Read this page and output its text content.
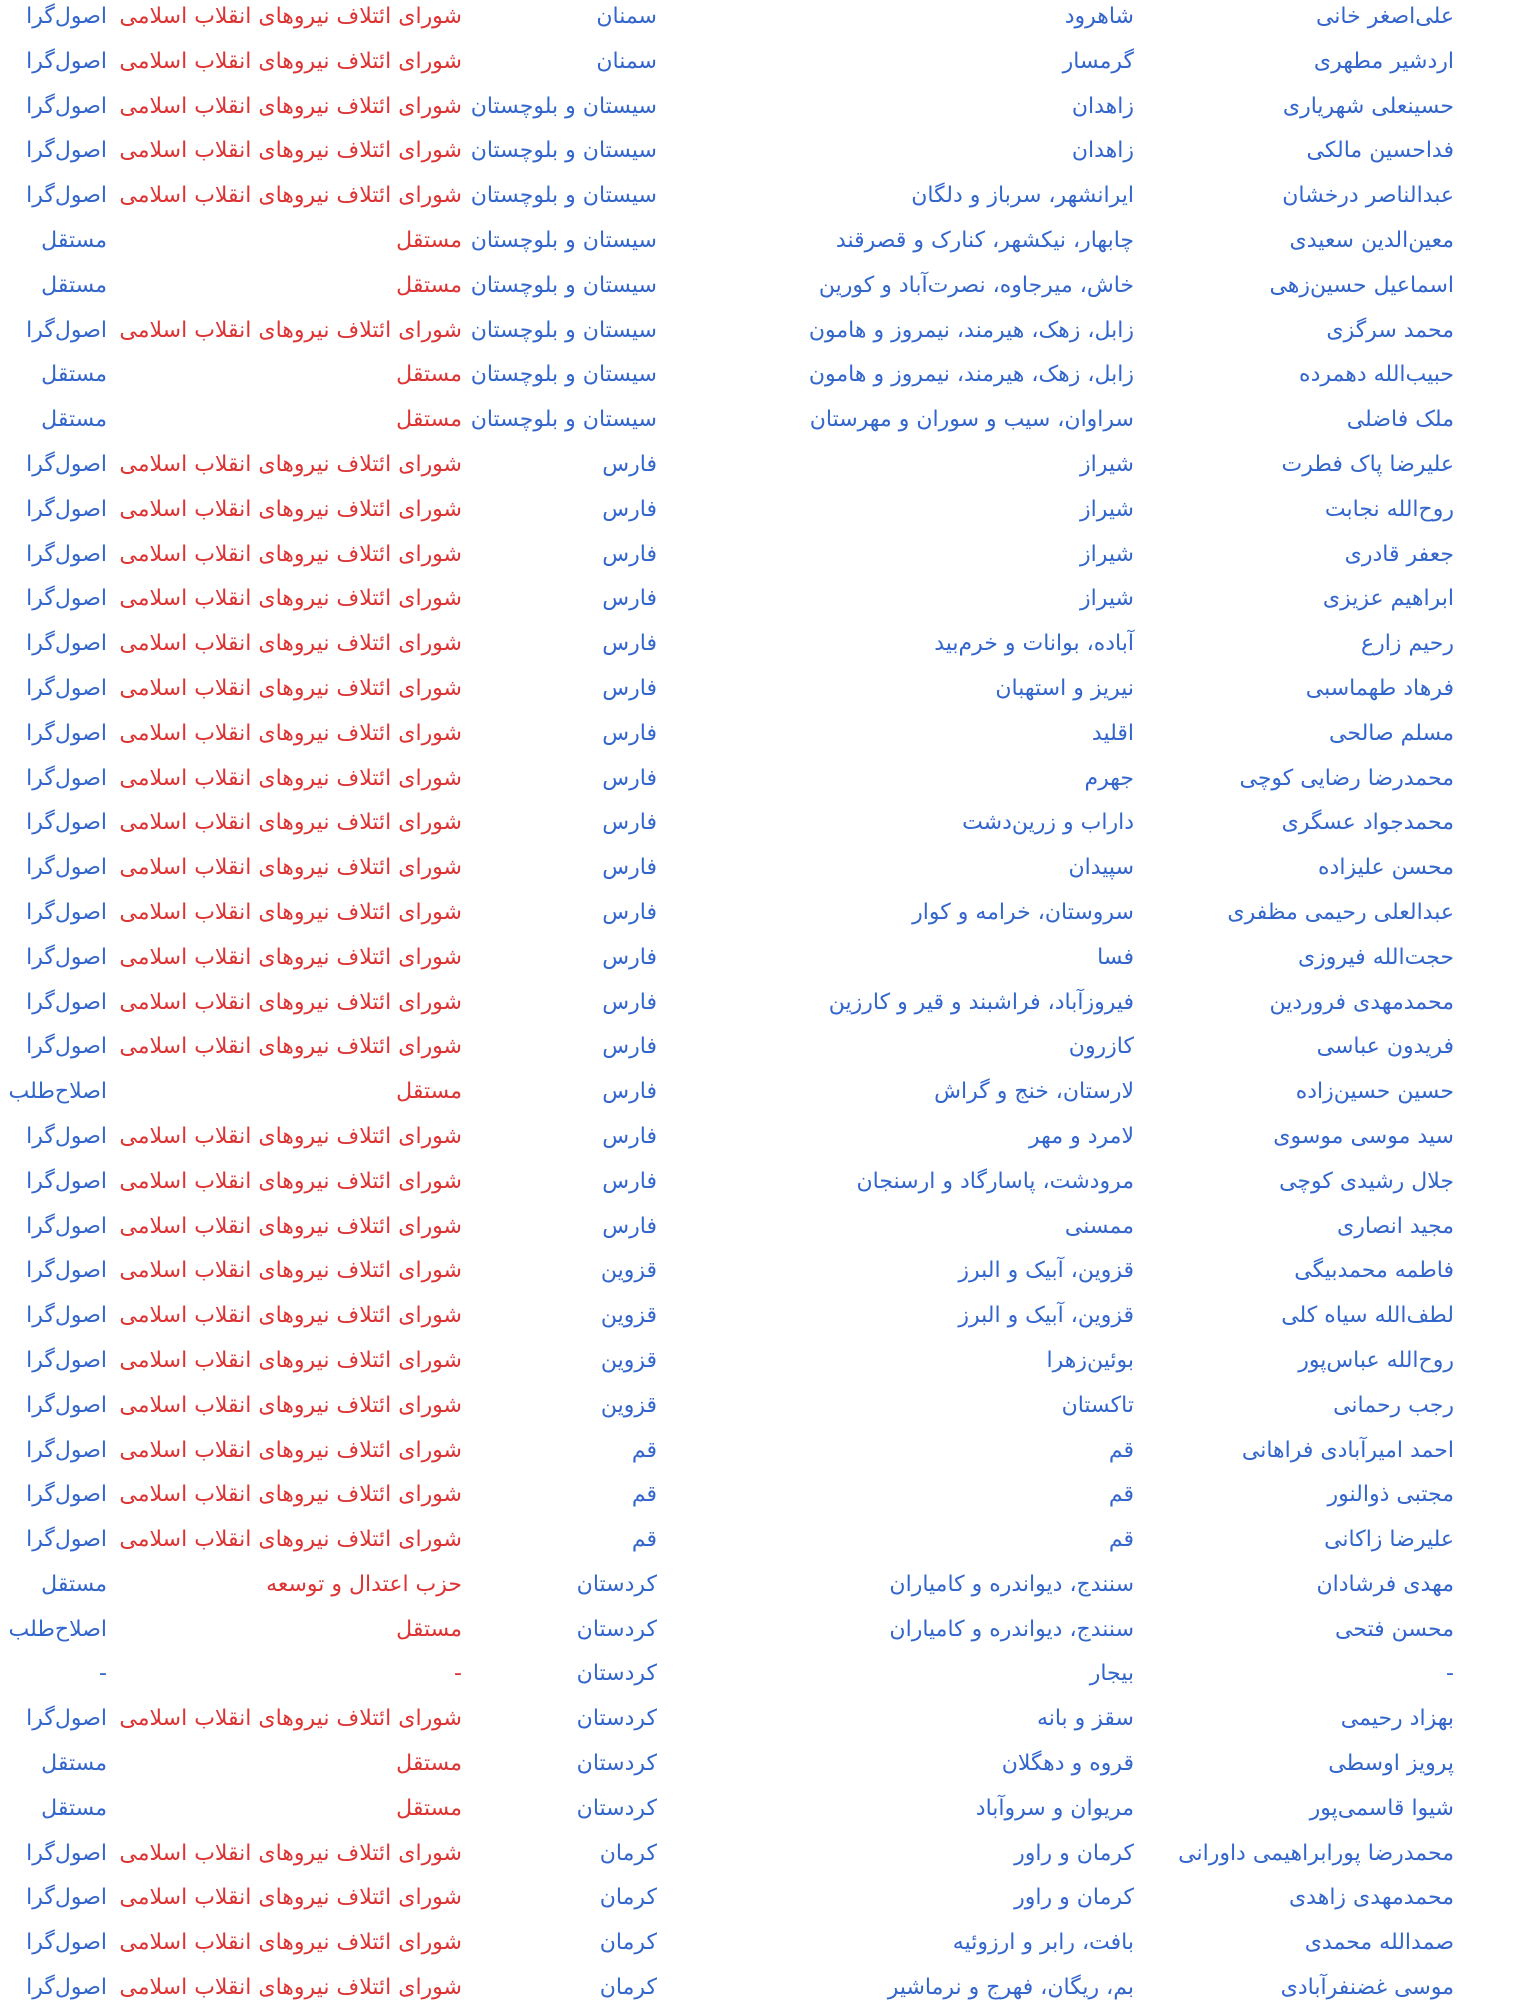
علی‌اصغر خانی
شاهرود
سمنان
شورای ائتلاف نیروهای انقلاب اسلامی
اصول‌گرا
اردشیر مطهری
گرمسار
سمنان
شورای ائتلاف نیروهای انقلاب اسلامی
اصول‌گرا
حسینعلی شهریاری
زاهدان
سیستان و بلوچستان
شورای ائتلاف نیروهای انقلاب اسلامی
اصول‌گرا
فداحسین مالکی
زاهدان
سیستان و بلوچستان
شورای ائتلاف نیروهای انقلاب اسلامی
اصول‌گرا
عبدالناصر درخشان
ایرانشهر، سرباز و دلگان
سیستان و بلوچستان
شورای ائتلاف نیروهای انقلاب اسلامی
اصول‌گرا
معین‌الدین سعیدی
چابهار، نیکشهر، کنارک و قصرقند
سیستان و بلوچستان
مستقل
مستقل
اسماعیل حسین‌زهی
خاش، میرجاوه، نصرت‌آباد و کورین
سیستان و بلوچستان
مستقل
مستقل
محمد سرگزی
زابل، زهک، هیرمند، نیمروز و هامون
سیستان و بلوچستان
شورای ائتلاف نیروهای انقلاب اسلامی
اصول‌گرا
حبیب‌الله دهمرده
زابل، زهک، هیرمند، نیمروز و هامون
سیستان و بلوچستان
مستقل
مستقل
ملک فاضلی
سراوان، سیب و سوران و مهرستان
سیستان و بلوچستان
مستقل
مستقل
علیرضا پاک فطرت
شیراز
فارس
شورای ائتلاف نیروهای انقلاب اسلامی
اصول‌گرا
روح‌الله نجابت
شیراز
فارس
شورای ائتلاف نیروهای انقلاب اسلامی
اصول‌گرا
جعفر قادری
شیراز
فارس
شورای ائتلاف نیروهای انقلاب اسلامی
اصول‌گرا
ابراهیم عزیزی
شیراز
فارس
شورای ائتلاف نیروهای انقلاب اسلامی
اصول‌گرا
رحیم زارع
آباده، بوانات و خرم‌بید
فارس
شورای ائتلاف نیروهای انقلاب اسلامی
اصول‌گرا
فرهاد طهماسبی
نیریز و استهبان
فارس
شورای ائتلاف نیروهای انقلاب اسلامی
اصول‌گرا
مسلم صالحی
اقلید
فارس
شورای ائتلاف نیروهای انقلاب اسلامی
اصول‌گرا
محمدرضا رضایی کوچی
جهرم
فارس
شورای ائتلاف نیروهای انقلاب اسلامی
اصول‌گرا
محمدجواد عسگری
داراب و زرین‌دشت
فارس
شورای ائتلاف نیروهای انقلاب اسلامی
اصول‌گرا
محسن علیزاده
سپیدان
فارس
شورای ائتلاف نیروهای انقلاب اسلامی
اصول‌گرا
عبدالعلی رحیمی مظفری
سروستان، خرامه و کوار
فارس
شورای ائتلاف نیروهای انقلاب اسلامی
اصول‌گرا
حجت‌الله فیروزی
فسا
فارس
شورای ائتلاف نیروهای انقلاب اسلامی
اصول‌گرا
محمدمهدی فروردین
فیروزآباد، فراشبند و قیر و کارزین
فارس
شورای ائتلاف نیروهای انقلاب اسلامی
اصول‌گرا
فریدون عباسی
کازرون
فارس
شورای ائتلاف نیروهای انقلاب اسلامی
اصول‌گرا
حسین حسین‌زاده
لارستان، خنج و گراش
فارس
مستقل
اصلاح‌طلب
سید موسی موسوی
لامرد و مهر
فارس
شورای ائتلاف نیروهای انقلاب اسلامی
اصول‌گرا
جلال رشیدی کوچی
مرودشت، پاسارگاد و ارسنجان
فارس
شورای ائتلاف نیروهای انقلاب اسلامی
اصول‌گرا
مجید انصاری
ممسنی
فارس
شورای ائتلاف نیروهای انقلاب اسلامی
اصول‌گرا
فاطمه محمدبیگی
قزوین، آبیک و البرز
قزوین
شورای ائتلاف نیروهای انقلاب اسلامی
اصول‌گرا
لطف‌الله سیاه کلی
قزوین، آبیک و البرز
قزوین
شورای ائتلاف نیروهای انقلاب اسلامی
اصول‌گرا
روح‌الله عباس‌پور
بوئین‌زهرا
قزوین
شورای ائتلاف نیروهای انقلاب اسلامی
اصول‌گرا
رجب رحمانی
تاکستان
قزوین
شورای ائتلاف نیروهای انقلاب اسلامی
اصول‌گرا
احمد امیرآبادی فراهانی
قم
قم
شورای ائتلاف نیروهای انقلاب اسلامی
اصول‌گرا
مجتبی ذوالنور
قم
قم
شورای ائتلاف نیروهای انقلاب اسلامی
اصول‌گرا
علیرضا زاکانی
قم
قم
شورای ائتلاف نیروهای انقلاب اسلامی
اصول‌گرا
مهدی فرشادان
سنندج، دیواندره و کامیاران
کردستان
حزب اعتدال و توسعه
مستقل
محسن فتحی
سنندج، دیواندره و کامیاران
کردستان
مستقل
اصلاح‌طلب
-
بیجار
کردستان
-
-
بهزاد رحیمی
سقز و بانه
کردستان
شورای ائتلاف نیروهای انقلاب اسلامی
اصول‌گرا
پرویز اوسطی
قروه و دهگلان
کردستان
مستقل
مستقل
شیوا قاسمی‌پور
مریوان و سروآباد
کردستان
مستقل
مستقل
محمدرضا پورابراهیمی داورانی
کرمان و راور
کرمان
شورای ائتلاف نیروهای انقلاب اسلامی
اصول‌گرا
محمدمهدی زاهدی
کرمان و راور
کرمان
شورای ائتلاف نیروهای انقلاب اسلامی
اصول‌گرا
صمدالله محمدی
بافت، رابر و ارزوئیه
کرمان
شورای ائتلاف نیروهای انقلاب اسلامی
اصول‌گرا
موسی غضنفرآبادی
بم، ریگان، فهرج و نرماشیر
کرمان
شورای ائتلاف نیروهای انقلاب اسلامی
اصول‌گرا
